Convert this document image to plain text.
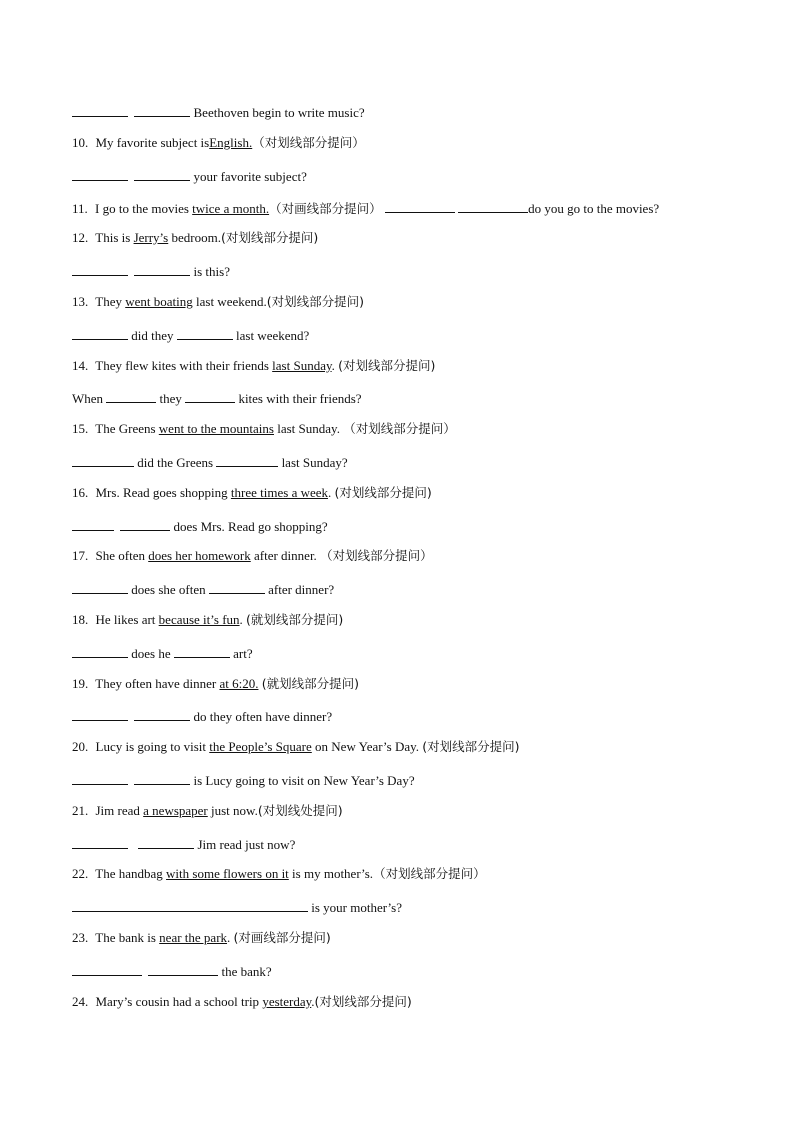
Beethoven begin to write music?
10. My favorite subject isEnglish.（对划线部分提问）
your favorite subject?
11. I go to the movies twice a month.（对画线部分提问）	do you go to the movies?
12. This is Jerry’s bedroom.(对划线部分提问)
is this?
13. They went boating last weekend.(对划线部分提问)
did they	last weekend?
14. They flew kites with their friends last Sunday. (对划线部分提问)
When	they	kites with their friends?
15. The Greens went to the mountains last Sunday. （对划线部分提问）
did the Greens	last Sunday?
16. Mrs. Read goes shopping three times a week. (对划线部分提问)
does Mrs. Read go shopping?
17. She often does her homework after dinner. （对划线部分提问）
does she often	after dinner?
18. He likes art because it’s fun. (就划线部分提问)
does he	art?
19. They often have dinner at 6:20. (就划线部分提问)
do they often have dinner?
20. Lucy is going to visit the People’s Square on New Year’s Day. (对划线部分提问)
is Lucy going to visit on New Year’s Day?
21. Jim read a newspaper just now.(对划线处提问)
Jim read just now?
22. The handbag with some flowers on it is my mother’s.（对划线部分提问）
is your mother’s?
23. The bank is near the park. (对画线部分提问)
the bank?
24. Mary’s cousin had a school trip yesterday.(对划线部分提问)
